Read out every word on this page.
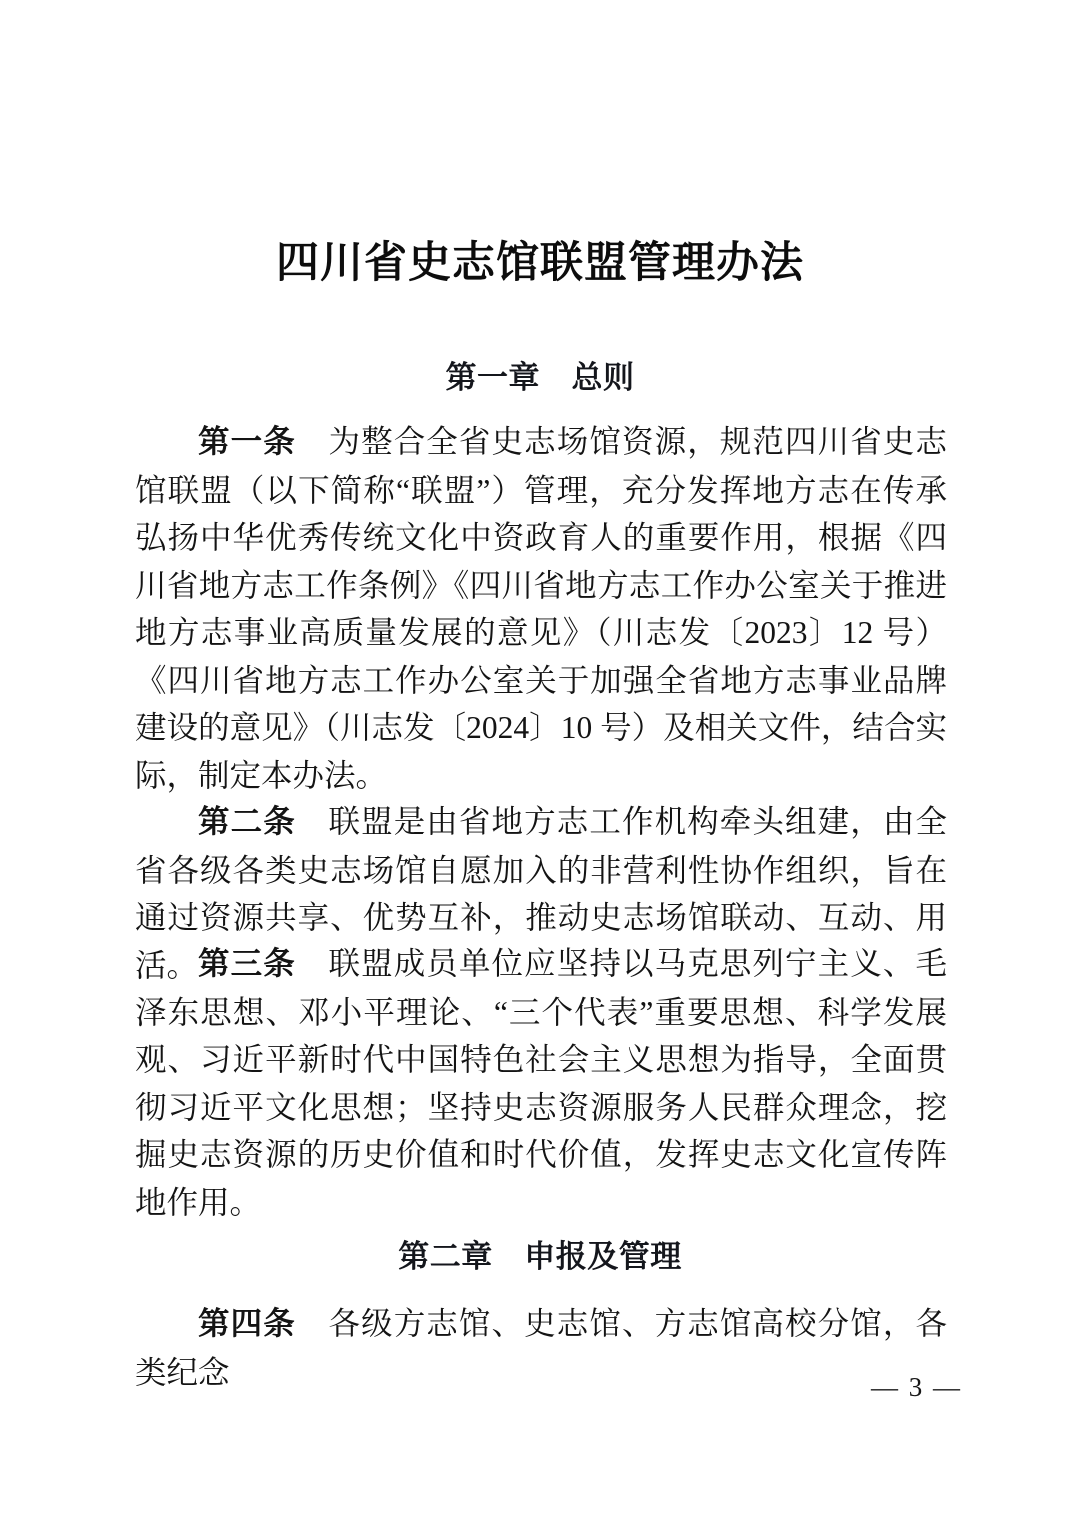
四川省史志馆联盟管理办法
第一章　总则

第一条　 为整合全省史志场馆资源，规范四川省史志馆联盟（以下简称“联盟”）管理，充分发挥地方志在传承弘扬中华优秀传统文化中资政育人的重要作用，根据《四川省地方志工作条例》《四川省地方志工作办公室关于推进地方志事业高质量发展的意见》（川志发〔2023〕12 号）《四川省地方志工作办公室关于加强全省地方志事业品牌建设的意见》（川志发〔2024〕10 号）及相关文件，结合实际，制定本办法。

第二条　 联盟是由省地方志工作机构牵头组建，由全省各级各类史志场馆自愿加入的非营利性协作组织，旨在通过资源共享、优势互补，推动史志场馆联动、互动、用活。 第三条　 联盟成员单位应坚持以马克思列宁主义、毛泽东思想、邓小平理论、“三个代表”重要思想、科学发展观、习近平新时代中国特色社会主义思想为指导，全面贯彻习近平文化思想；坚持史志资源服务人民群众理念，挖掘史志资源的历史价值和时代价值，发挥史志文化宣传阵地作用。

第二章　申报及管理

第四条　 各级方志馆、史志馆、方志馆高校分馆，各类纪念	— 3 —
